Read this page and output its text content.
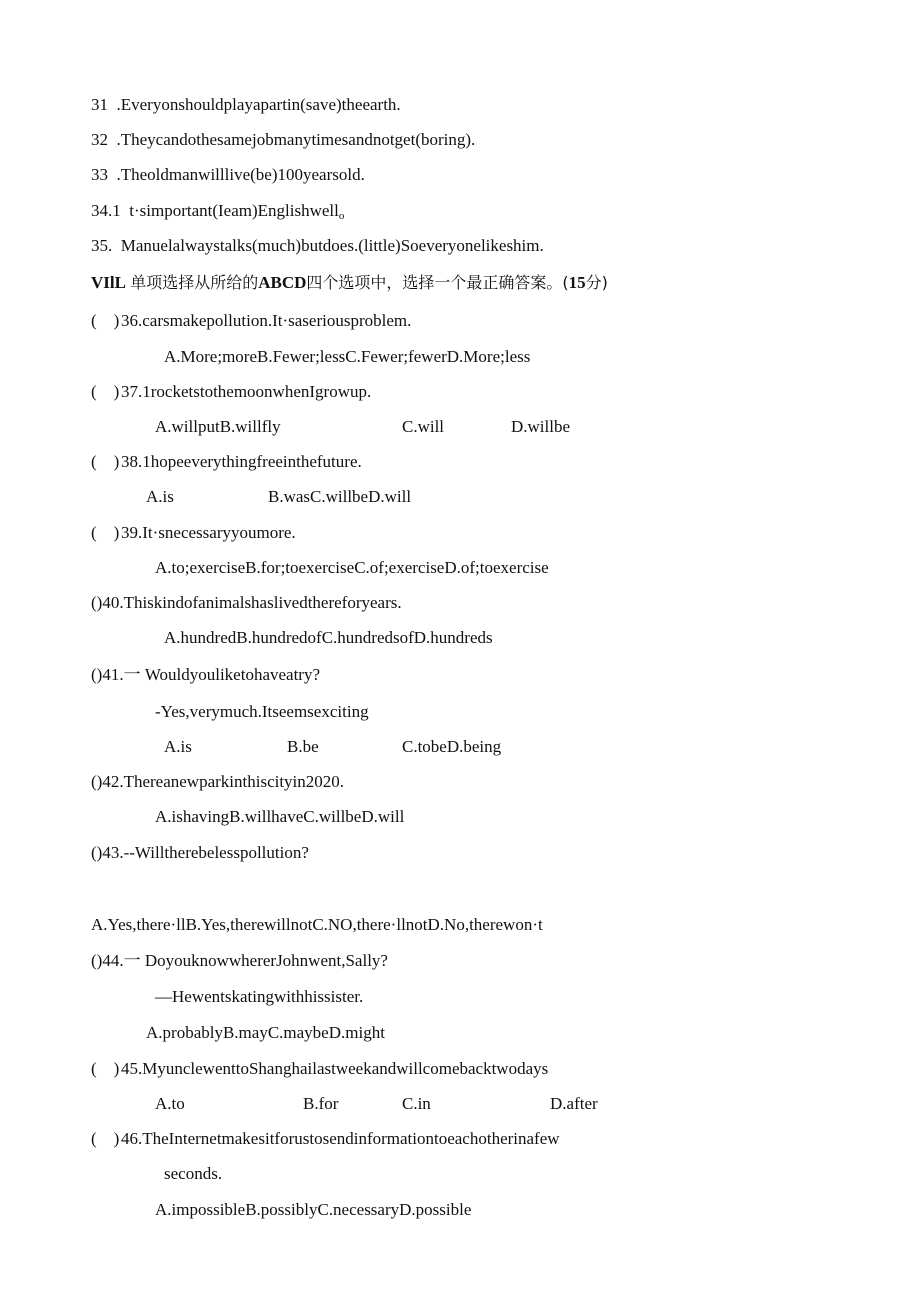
31 .Everyonshouldplayapartin(save)theearth.
32 .Theycandothesamejobmanytimesandnotget(boring).
33 .Theoldmanwilllive(be)100yearsold.
34.1 t·simportant(Ieam)Englishwell$_o$
35. Manuelalwaystalks(much)butdoes.(little)Soeveryonelikeshim.
VIlL 单项选择从所给的ABCD四个选项中，选择一个最正确答案。(15分)
(    )36.carsmakepollution.It·saseriousproblem.
A.More;moreB.Fewer;lessC.Fewer;fewerD.More;less
(    )37.1rocketstothemoonwhenIgrowup.
A.willputB.willfly	C.will	D.willbe
(    )38.1hopeeverythingfreeinthefuture.
A.is	B.wasC.willbeD.will
(    )39.It·snecessaryyoumore.
A.to;exerciseB.for;toexerciseC.of;exerciseD.of;toexercise
()40.Thiskindofanimalshaslivedthereforyears.
A.hundredB.hundredofC.hundredsofD.hundreds
()41.一 Wouldyouliketohaveatry?
-Yes,verymuch.Itseemsexciting
A.is	B.be	C.tobeD.being
()42.Thereanewparkinthiscityin2020.
A.ishavingB.willhaveC.willbeD.will
()43.--Willtherebelesspollution?
A.Yes,there·llB.Yes,therewillnotC.NO,there·llnotD.No,therewon·t
()44.一 DoyouknowwhererJohnwent,Sally?
—Hewentskatingwithhissister.
A.probablyB.mayC.maybeD.might
(    )45.MyunclewenttoShanghailastweekandwillcomebacktwodays
A.to	B.for	C.in	D.after
(    )46.TheInternetmakesitforustosendinformationtoeachotherinafew
seconds.
A.impossibleB.possiblyC.necessaryD.possible
